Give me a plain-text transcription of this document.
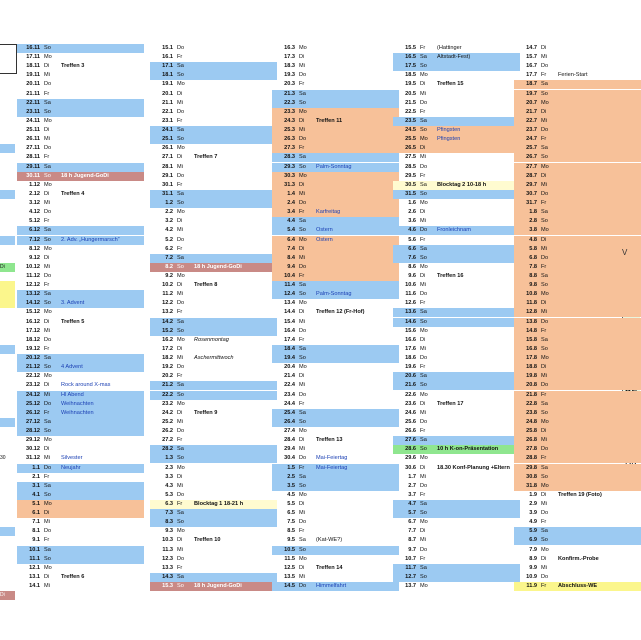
16.11 So
17.11 Mo
18.11 Di Treffen 3
19.11 Mi
20.11 Do
21.11 Fr
22.11 Sa
23.11 So
24.11 Mo
25.11 Di
26.11 Mi
27.11 Do
28.11 Fr
29.11 Sa
30.11 So 18 h Jugend-GoDi
1.12 Mo
2.12 Di Treffen 4
3.12 Mi
4.12 Do
5.12 Fr
6.12 Sa
7.12 So 2. Adv. „Hungermarsch“
8.12 Mo
9.12 Di
10.12 Mi
11.12 Do
12.12 Fr
13.12 Sa
14.12 So 3. Advent
15.12 Mo
16.12 Di Treffen 5
17.12 Mi
18.12 Do
19.12 Fr
20.12 Sa
21.12 So 4 Advent
22.12 Mo
23.12 Di Rock around X-mas
24.12 Mi Hl Abend
25.12 Do Weihnachten
26.12 Fr Weihnachten
27.12 Sa
28.12 So
29.12 Mo
30.12 Di
31.12 Mi Silvester
1.1 Do Neujahr
2.1 Fr
3.1 Sa
4.1 So
5.1 Mo
6.1 Di
7.1 Mi
8.1 Do
9.1 Fr
10.1 Sa
11.1 So
12.1 Mo
13.1 Di Treffen 6
14.1 Mi
15.1 Do
16.1 Fr
17.1 Sa
18.1 So
19.1 Mo
20.1 Di
21.1 Mi
22.1 Do
23.1 Fr
24.1 Sa
25.1 So
26.1 Mo
27.1 Di Treffen 7
28.1 Mi
29.1 Do
30.1 Fr
31.1 Sa
1.2 So
2.2 Mo
3.2 Di
4.2 Mi
5.2 Do
6.2 Fr
7.2 Sa
8.2 So 18 h Jugend-GoDi
9.2 Mo
10.2 Di Treffen 8
11.2 Mi
12.2 Do
13.2 Fr
14.2 Sa
15.2 So
16.2 Mo Rosenmontag
17.2 Di
18.2 Mi Aschermittwoch
19.2 Do
20.2 Fr
21.2 Sa
22.2 So
23.2 Mo
24.2 Di Treffen 9
25.2 Mi
26.2 Do
27.2 Fr
28.2 Sa
1.3 So
2.3 Mo
3.3 Di
4.3 Mi
5.3 Do
6.3 Fr Blocktag 1 18-21 h
7.3 Sa
8.3 So
9.3 Mo
10.3 Di Treffen 10
11.3 Mi
12.3 Do
13.3 Fr
14.3 Sa
15.3 So 18 h Jugend-GoDi
16.3 Mo
17.3 Di
18.3 Mi
19.3 Do
20.3 Fr
21.3 Sa
22.3 So
23.3 Mo
24.3 Di Treffen 11
25.3 Mi
26.3 Do
27.3 Fr
28.3 Sa
29.3 So Palm-Sonntag
30.3 Mo
31.3 Di
1.4 Mi
2.4 Do
3.4 Fr Karfreitag
4.4 Sa
5.4 So Ostern
6.4 Mo Ostern
7.4 Di
8.4 Mi
9.4 Do
10.4 Fr
11.4 Sa
12.4 So Palm-Sonntag
13.4 Mo
14.4 Di Treffen 12 (Fr-Hof)
15.4 Mi
16.4 Do
17.4 Fr
18.4 Sa
19.4 So
20.4 Mo
21.4 Di
22.4 Mi
23.4 Do
24.4 Fr
25.4 Sa
26.4 So
27.4 Mo
28.4 Di Treffen 13
29.4 Mi
30.4 Do Mai-Feiertag
1.5 Fr Mai-Feiertag
2.5 Sa
3.5 So
4.5 Mo
5.5 Di
6.5 Mi
7.5 Do
8.5 Fr
9.5 Sa (Kat-WE?)
10.5 So
11.5 Mo
12.5 Di Treffen 14
13.5 Mi
14.5 Do Himmelfahrt
15.5 Fr (Hattinger
16.5 Sa Altstadt-Fest)
17.5 So
18.5 Mo
19.5 Di Treffen 15
20.5 Mi
21.5 Do
22.5 Fr
23.5 Sa
24.5 So Pfingsten
25.5 Mo Pfingsten
26.5 Di
27.5 Mi
28.5 Do
29.5 Fr
30.5 Sa Blocktag 2 10-18 h
31.5 So
1.6 Mo
2.6 Di
3.6 Mi
4.6 Do Fronleichnam
5.6 Fr
6.6 Sa
7.6 So
8.6 Mo
9.6 Di Treffen 16
10.6 Mi
11.6 Do
12.6 Fr
13.6 Sa
14.6 So
15.6 Mo
16.6 Di
17.6 Mi
18.6 Do
19.6 Fr
20.6 Sa
21.6 So
22.6 Mo
23.6 Di Treffen 17
24.6 Mi
25.6 Do
26.6 Fr
27.6 Sa
28.6 So 10 h K-on-Präsentation
29.6 Mo
30.6 Di 18.30 Konf-Planung +Eltern
1.7 Mi
2.7 Do
3.7 Fr
4.7 Sa
5.7 So
6.7 Mo
7.7 Di
8.7 Mi
9.7 Do
10.7 Fr
11.7 Sa
12.7 So
13.7 Mo
14.7 Di
15.7 Mi
16.7 Do
17.7 Fr Ferien-Start
18.7 Sa
19.7 So
20.7 Mo
21.7 Di
22.7 Mi
23.7 Do
24.7 Fr
25.7 Sa
26.7 So
27.7 Mo
28.7 Di
29.7 Mi
30.7 Do
31.7 Fr
1.8 Sa
2.8 So
3.8 Mo
4.8 Di
5.8 Mi
6.8 Do
7.8 Fr
8.8 Sa
9.8 So
10.8 Mo
11.8 Di
12.8 Mi
13.8 Do
14.8 Fr
15.8 Sa
16.8 So
17.8 Mo
18.8 Di
19.8 Mi
20.8 Do
21.8 Fr
22.8 Sa
23.8 So
24.8 Mo
25.8 Di
26.8 Mi
27.8 Do
28.8 Fr
29.8 Sa
30.8 So
31.8 Mo
1.9 Di Treffen 19 (Foto)
2.9 Mi
3.9 Do
4.9 Fr
5.9 Sa
6.9 So
7.9 Mo
8.9 Di Konfirm.-Probe
9.9 Mi
10.9 Do
11.9 Fr Abschluss-WE
Di
30
Di
V
